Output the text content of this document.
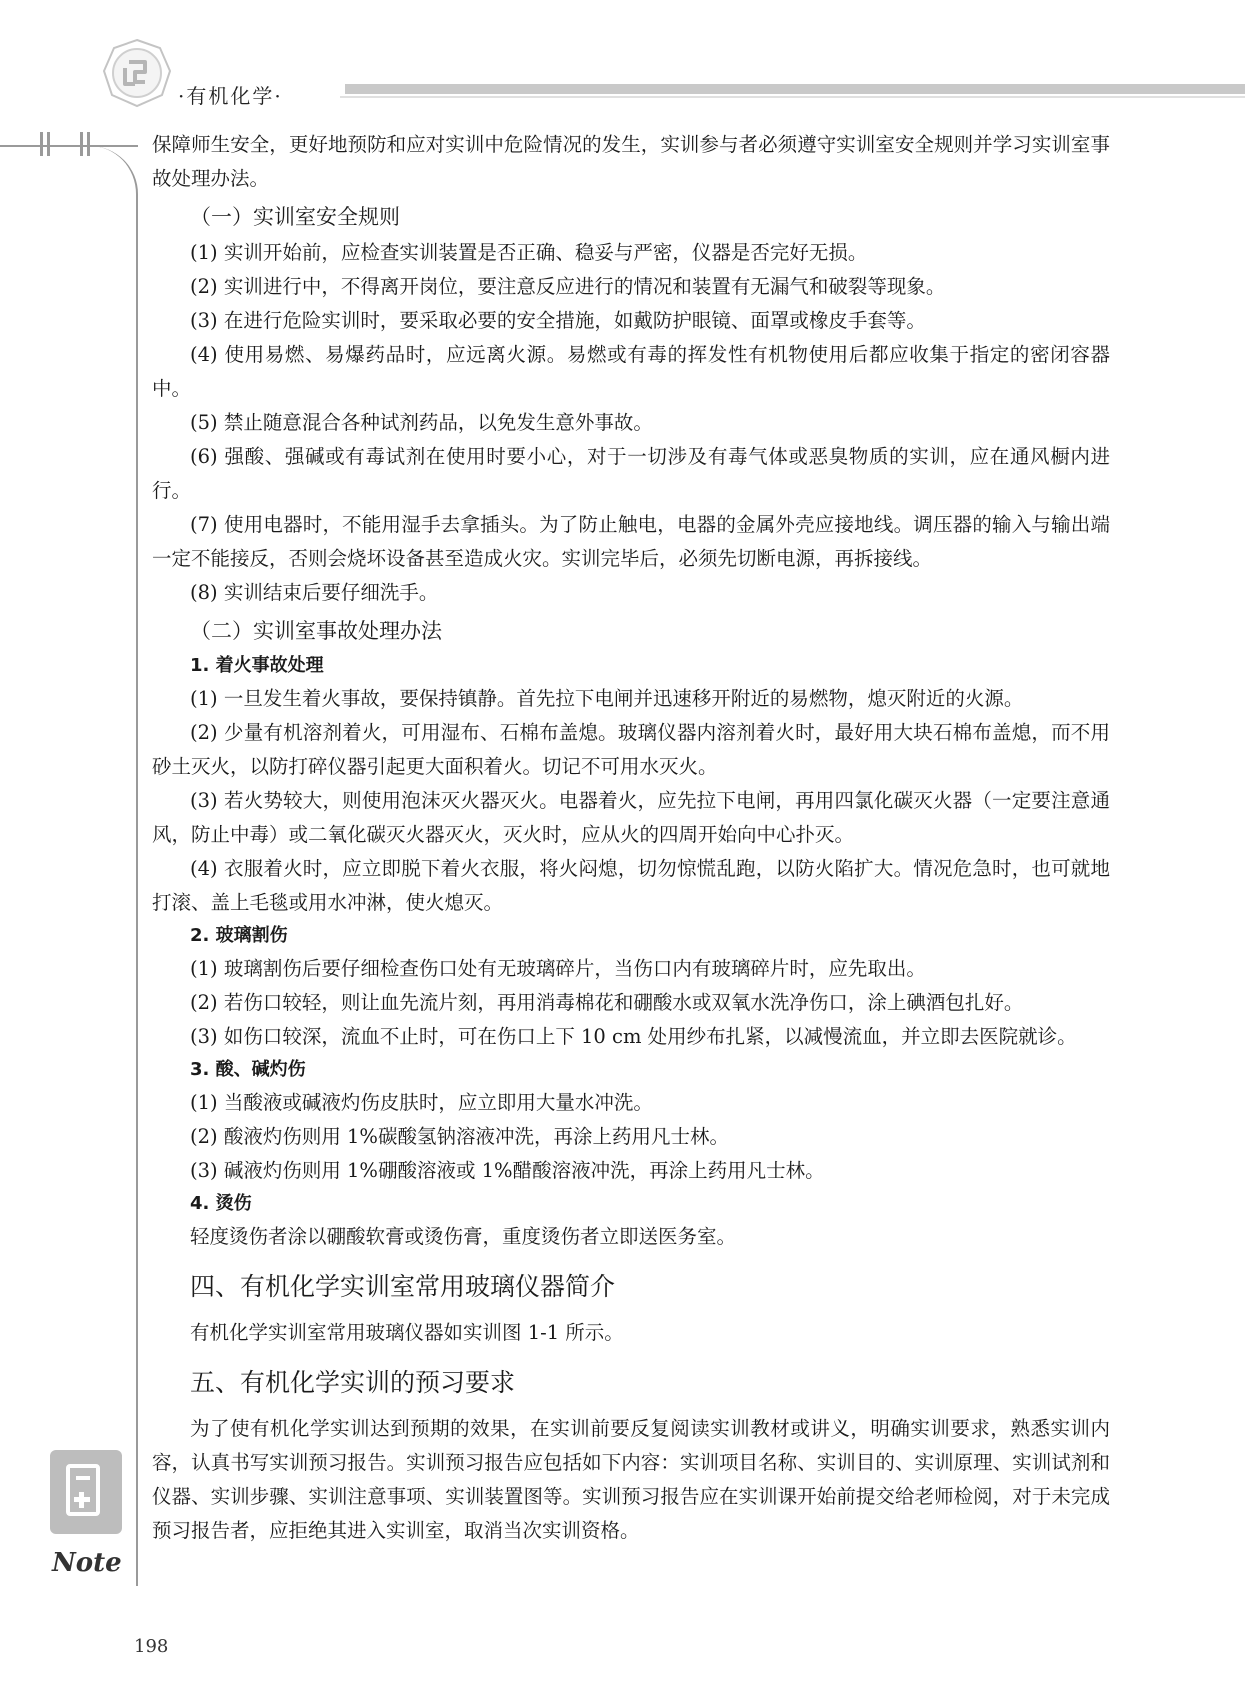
·有机化学·

保障师生安全，更好地预防和应对实训中危险情况的发生，实训参与者必须遵守实训室安全规则并学习实训室事故处理办法。

（一）实训室安全规则

(1) 实训开始前，应检查实训装置是否正确、稳妥与严密，仪器是否完好无损。

(2) 实训进行中，不得离开岗位，要注意反应进行的情况和装置有无漏气和破裂等现象。

(3) 在进行危险实训时，要采取必要的安全措施，如戴防护眼镜、面罩或橡皮手套等。

(4) 使用易燃、易爆药品时，应远离火源。易燃或有毒的挥发性有机物使用后都应收集于指定的密闭容器中。

(5) 禁止随意混合各种试剂药品，以免发生意外事故。

(6) 强酸、强碱或有毒试剂在使用时要小心，对于一切涉及有毒气体或恶臭物质的实训，应在通风橱内进行。

(7) 使用电器时，不能用湿手去拿插头。为了防止触电，电器的金属外壳应接地线。调压器的输入与输出端一定不能接反，否则会烧坏设备甚至造成火灾。实训完毕后，必须先切断电源，再拆接线。

(8) 实训结束后要仔细洗手。

（二）实训室事故处理办法
1. 着火事故处理

(1) 一旦发生着火事故，要保持镇静。首先拉下电闸并迅速移开附近的易燃物，熄灭附近的火源。

(2) 少量有机溶剂着火，可用湿布、石棉布盖熄。玻璃仪器内溶剂着火时，最好用大块石棉布盖熄，而不用砂土灭火，以防打碎仪器引起更大面积着火。切记不可用水灭火。

(3) 若火势较大，则使用泡沫灭火器灭火。电器着火，应先拉下电闸，再用四氯化碳灭火器（一定要注意通风，防止中毒）或二氧化碳灭火器灭火，灭火时，应从火的四周开始向中心扑灭。

(4) 衣服着火时，应立即脱下着火衣服，将火闷熄，切勿惊慌乱跑，以防火陷扩大。情况危急时，也可就地打滚、盖上毛毯或用水冲淋，使火熄灭。

2. 玻璃割伤

(1) 玻璃割伤后要仔细检查伤口处有无玻璃碎片，当伤口内有玻璃碎片时，应先取出。

(2) 若伤口较轻，则让血先流片刻，再用消毒棉花和硼酸水或双氧水洗净伤口，涂上碘酒包扎好。

(3) 如伤口较深，流血不止时，可在伤口上下 10 cm 处用纱布扎紧，以减慢流血，并立即去医院就诊。

3. 酸、碱灼伤

(1) 当酸液或碱液灼伤皮肤时，应立即用大量水冲洗。

(2) 酸液灼伤则用 1%碳酸氢钠溶液冲洗，再涂上药用凡士林。

(3) 碱液灼伤则用 1%硼酸溶液或 1%醋酸溶液冲洗，再涂上药用凡士林。

4. 烫伤

轻度烫伤者涂以硼酸软膏或烫伤膏，重度烫伤者立即送医务室。

四、有机化学实训室常用玻璃仪器简介

有机化学实训室常用玻璃仪器如实训图 1-1 所示。

五、有机化学实训的预习要求

为了使有机化学实训达到预期的效果，在实训前要反复阅读实训教材或讲义，明确实训要求，熟悉实训内容，认真书写实训预习报告。实训预习报告应包括如下内容：实训项目名称、实训目的、实训原理、实训试剂和仪器、实训步骤、实训注意事项、实训装置图等。实训预习报告应在实训课开始前提交给老师检阅，对于未完成预习报告者，应拒绝其进入实训室，取消当次实训资格。

Note
198
